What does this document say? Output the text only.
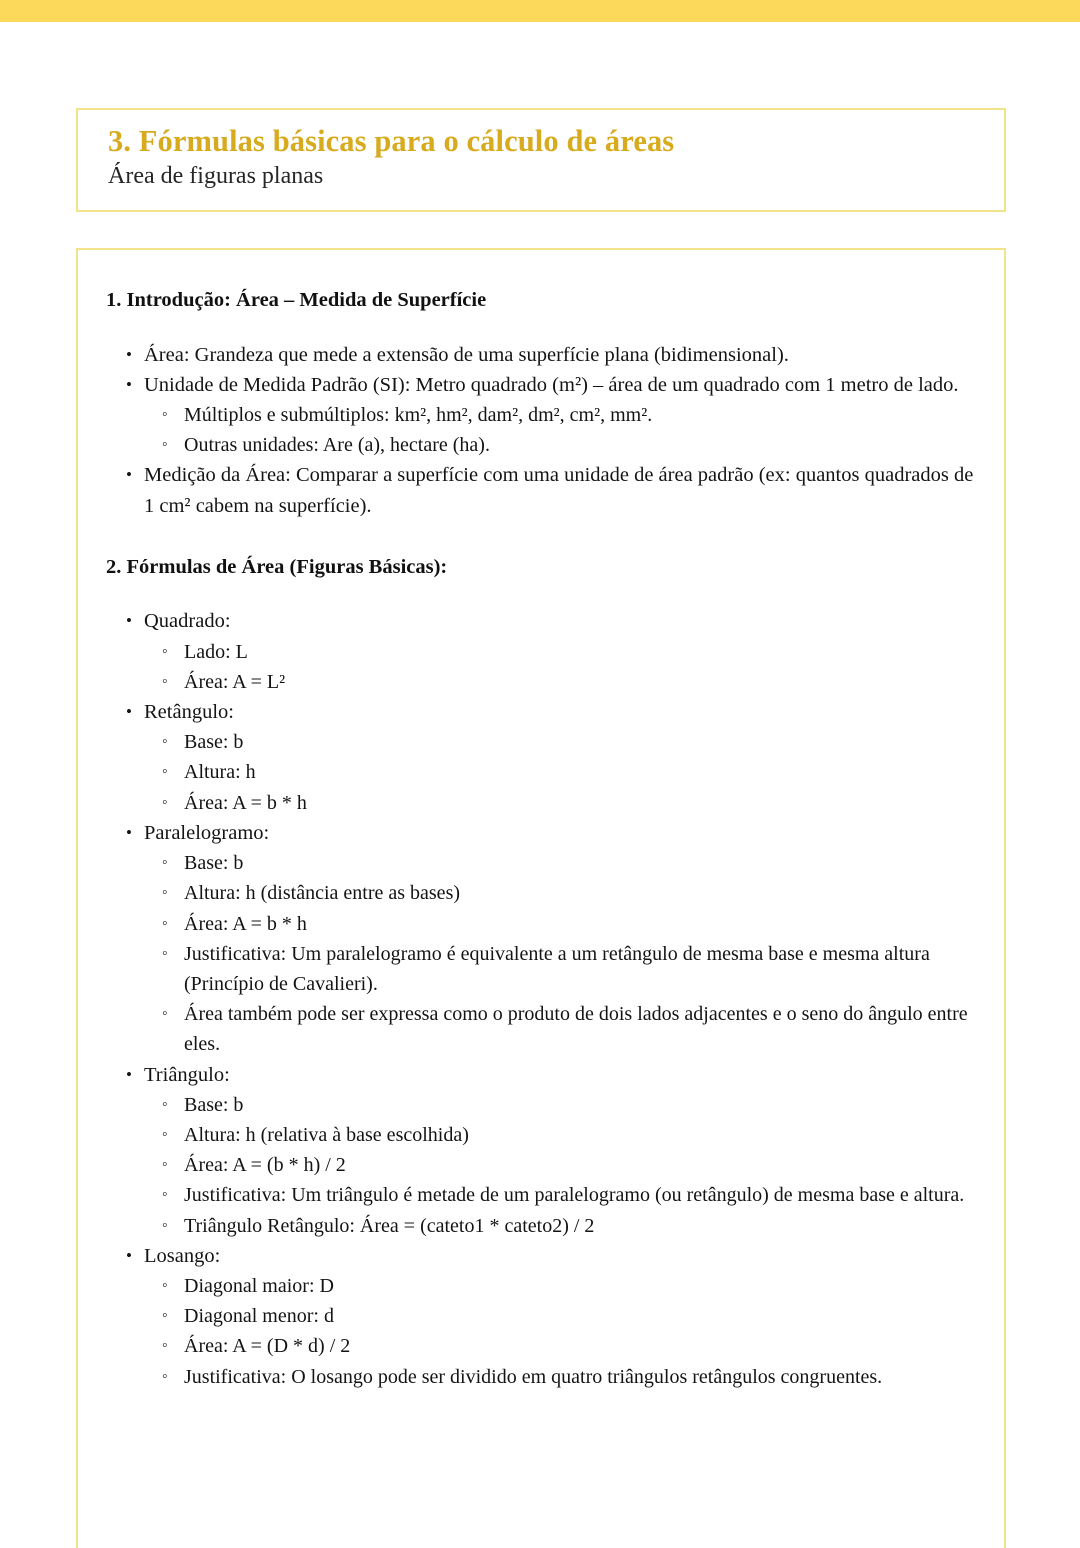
3. Fórmulas básicas para o cálculo de áreas
Área de figuras planas
1. Introdução: Área – Medida de Superfície
• Área: Grandeza que mede a extensão de uma superfície plana (bidimensional).
• Unidade de Medida Padrão (SI): Metro quadrado (m²) – área de um quadrado com 1 metro de lado.
◦ Múltiplos e submúltiplos: km², hm², dam², dm², cm², mm².
◦ Outras unidades: Are (a), hectare (ha).
• Medição da Área: Comparar a superfície com uma unidade de área padrão (ex: quantos quadrados de 1 cm² cabem na superfície).
2. Fórmulas de Área (Figuras Básicas):
• Quadrado:
◦ Lado: L
◦ Área: A = L²
• Retângulo:
◦ Base: b
◦ Altura: h
◦ Área: A = b * h
• Paralelogramo:
◦ Base: b
◦ Altura: h (distância entre as bases)
◦ Área: A = b * h
◦ Justificativa: Um paralelogramo é equivalente a um retângulo de mesma base e mesma altura (Princípio de Cavalieri).
◦ Área também pode ser expressa como o produto de dois lados adjacentes e o seno do ângulo entre eles.
• Triângulo:
◦ Base: b
◦ Altura: h (relativa à base escolhida)
◦ Área: A = (b * h) / 2
◦ Justificativa: Um triângulo é metade de um paralelogramo (ou retângulo) de mesma base e altura.
◦ Triângulo Retângulo: Área = (cateto1 * cateto2) / 2
• Losango:
◦ Diagonal maior: D
◦ Diagonal menor: d
◦ Área: A = (D * d) / 2
◦ Justificativa: O losango pode ser dividido em quatro triângulos retângulos congruentes.
